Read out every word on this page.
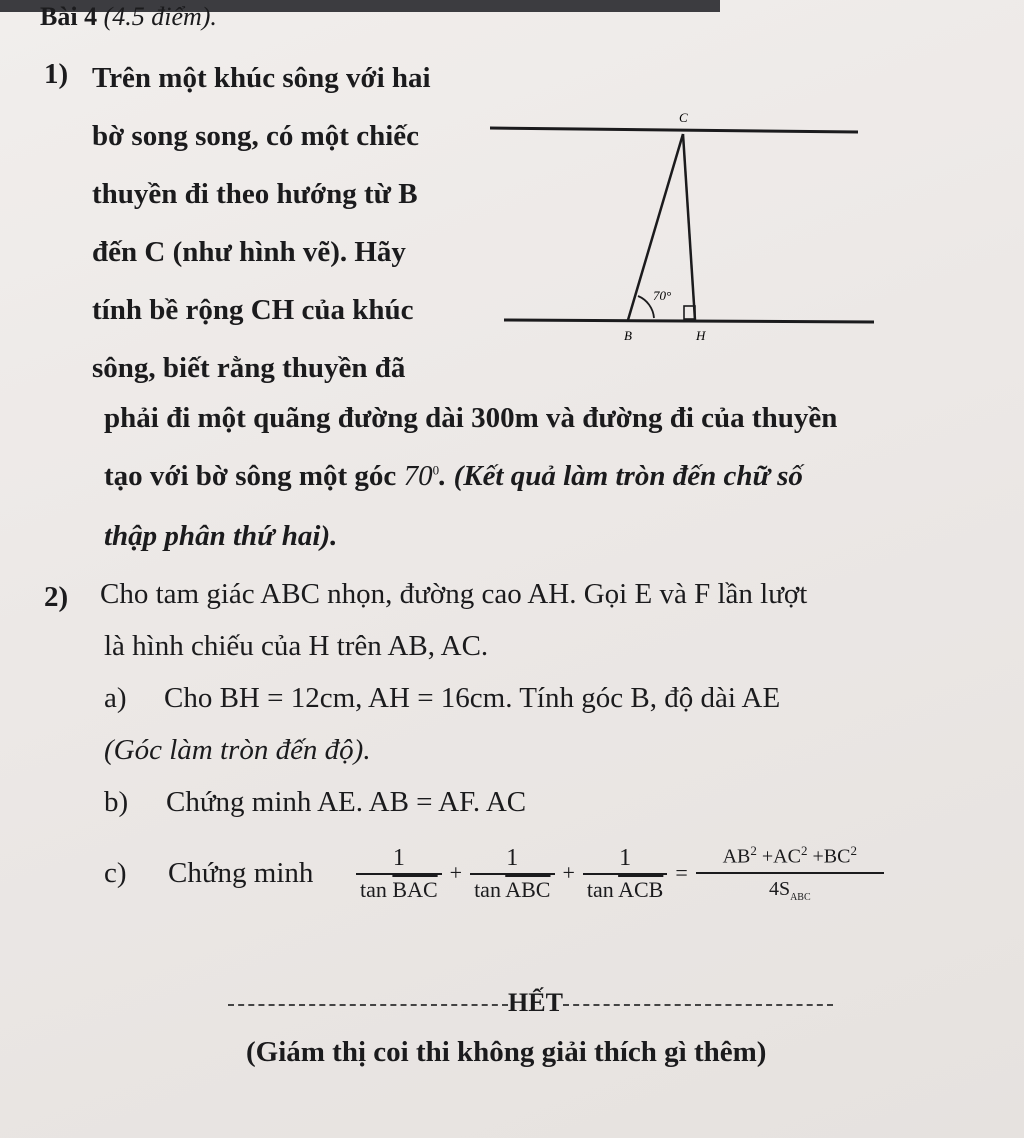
Bài 4 (4.5 điểm).
1) Trên một khúc sông với hai
bờ song song, có một chiếc
thuyền đi theo hướng từ B
đến C (như hình vẽ). Hãy
tính bề rộng CH của khúc
sông, biết rằng thuyền đã
C
B	H
70°
phải đi một quãng đường dài 300m và đường đi của thuyền
tạo với bờ sông một góc $70^0$. (Kết quả làm tròn đến chữ số
thập phân thứ hai).
2) Cho tam giác ABC nhọn, đường cao AH. Gọi E và F lần lượt
là hình chiếu của H trên AB, AC.
a) Cho BH = 12cm, AH = 16cm. Tính góc B, độ dài AE
(Góc làm tròn đến độ).
b) Chứng minh AE. AB = AF. AC
c) Chứng minh $\frac{1}{\tan \overline{BAC}} + \frac{1}{\tan \overline{ABC}} + \frac{1}{\tan \overline{ACB}} = \frac{AB^2 +AC^2 +BC^2}{4S_{ABC}}$
HẾT
(Giám thị coi thi không giải thích gì thêm)
